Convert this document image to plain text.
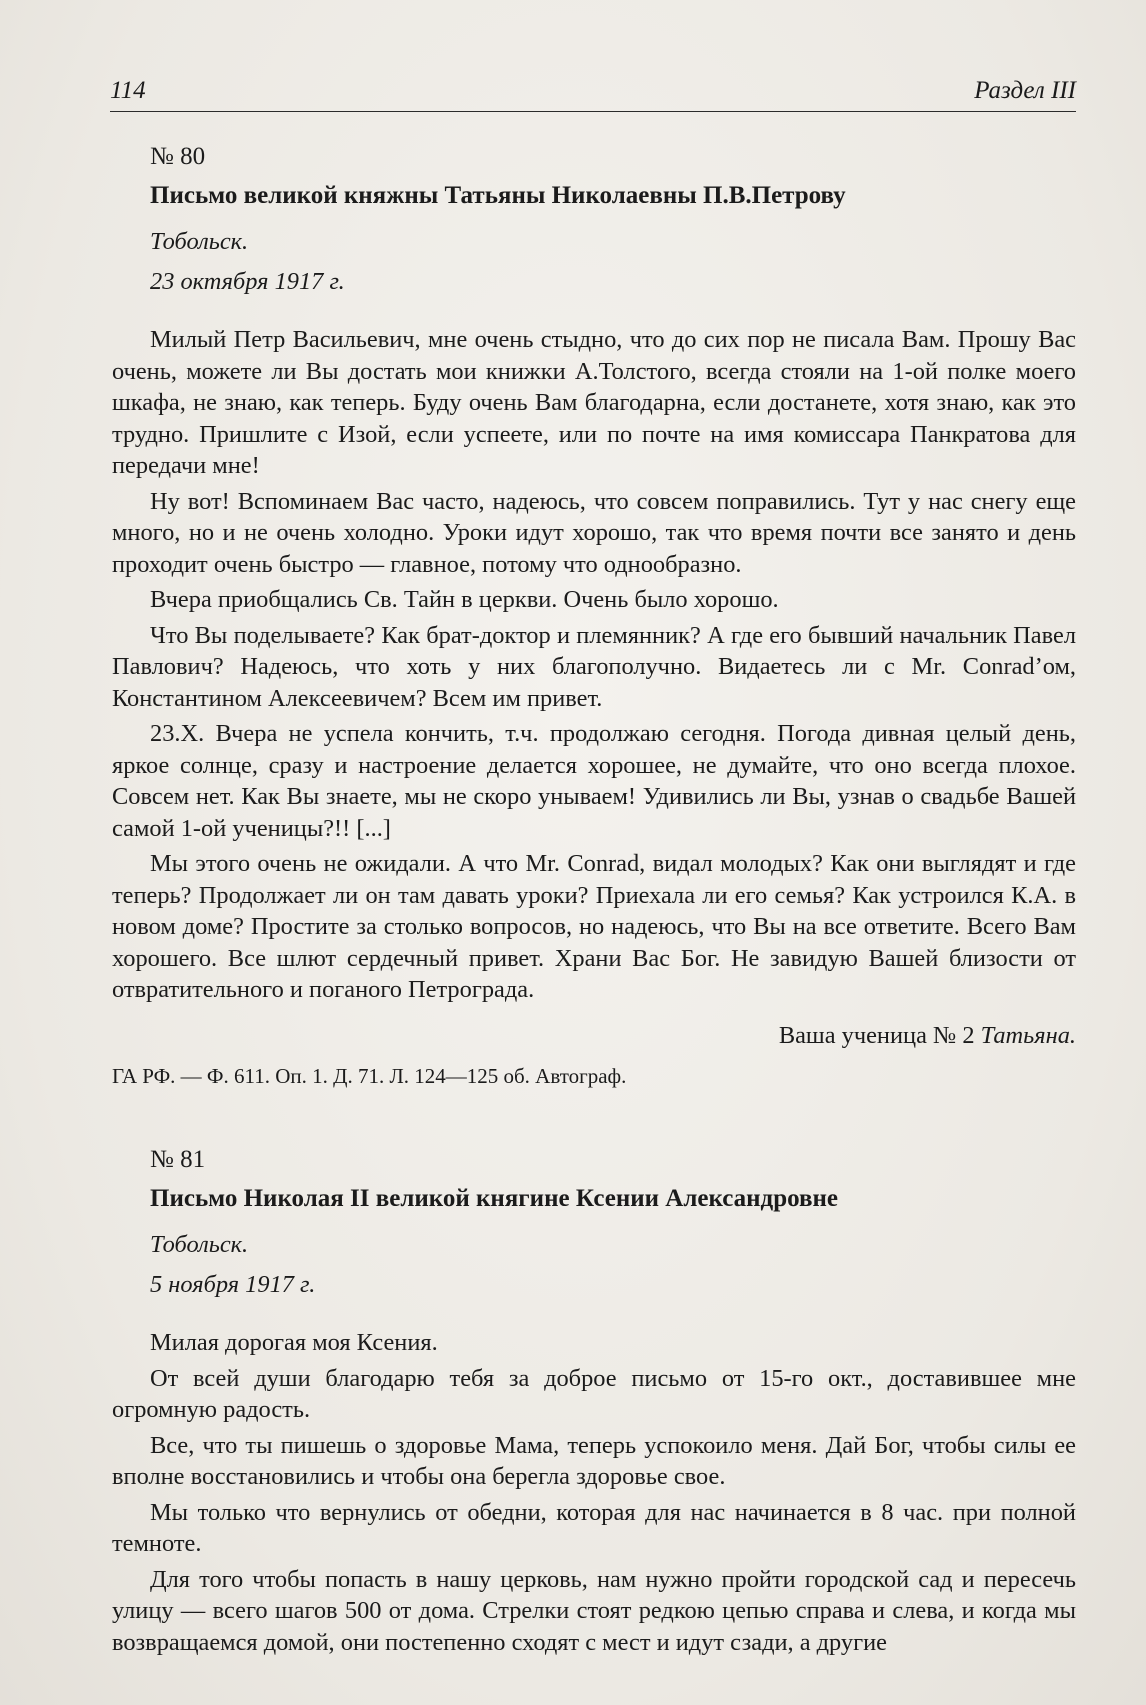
114	Раздел III
№ 80
Письмо великой княжны Татьяны Николаевны П.В.Петрову
Тобольск.
23 октября 1917 г.

Милый Петр Васильевич, мне очень стыдно, что до сих пор не писала Вам. Прошу Вас очень, можете ли Вы достать мои книжки А.Толстого, всегда стояли на 1-ой полке моего шкафа, не знаю, как теперь. Буду очень Вам благодарна, если достанете, хотя знаю, как это трудно. Пришлите с Изой, если успеете, или по почте на имя комиссара Панкратова для передачи мне!

Ну вот! Вспоминаем Вас часто, надеюсь, что совсем поправились. Тут у нас снегу еще много, но и не очень холодно. Уроки идут хорошо, так что время почти все занято и день проходит очень быстро — главное, потому что однообразно.

Вчера приобщались Св. Тайн в церкви. Очень было хорошо.

Что Вы поделываете? Как брат-доктор и племянник? А где его бывший начальник Павел Павлович? Надеюсь, что хоть у них благополучно. Видаетесь ли с Mr. Conrad’ом, Константином Алексеевичем? Всем им привет.

23.Х. Вчера не успела кончить, т.ч. продолжаю сегодня. Погода дивная целый день, яркое солнце, сразу и настроение делается хорошее, не думайте, что оно всегда плохое. Совсем нет. Как Вы знаете, мы не скоро унываем! Удивились ли Вы, узнав о свадьбе Вашей самой 1-ой ученицы?!! [...]

Мы этого очень не ожидали. А что Mr. Conrad, видал молодых? Как они выглядят и где теперь? Продолжает ли он там давать уроки? Приехала ли его семья? Как устроился К.А. в новом доме? Простите за столько вопросов, но надеюсь, что Вы на все ответите. Всего Вам хорошего. Все шлют сердечный привет. Храни Вас Бог. Не завидую Вашей близости от отвратительного и поганого Петрограда.

Ваша ученица № 2 Татьяна.
ГА РФ. — Ф. 611. Оп. 1. Д. 71. Л. 124—125 об. Автограф.
№ 81
Письмо Николая II великой княгине Ксении Александровне
Тобольск.
5 ноября 1917 г.

Милая дорогая моя Ксения.

От всей души благодарю тебя за доброе письмо от 15-го окт., доставившее мне огромную радость.

Все, что ты пишешь о здоровье Мама, теперь успокоило меня. Дай Бог, чтобы силы ее вполне восстановились и чтобы она берегла здоровье свое.

Мы только что вернулись от обедни, которая для нас начинается в 8 час. при полной темноте.

Для того чтобы попасть в нашу церковь, нам нужно пройти городской сад и пересечь улицу — всего шагов 500 от дома. Стрелки стоят редкою цепью справа и слева, и когда мы возвращаемся домой, они постепенно сходят с мест и идут сзади, а другие
